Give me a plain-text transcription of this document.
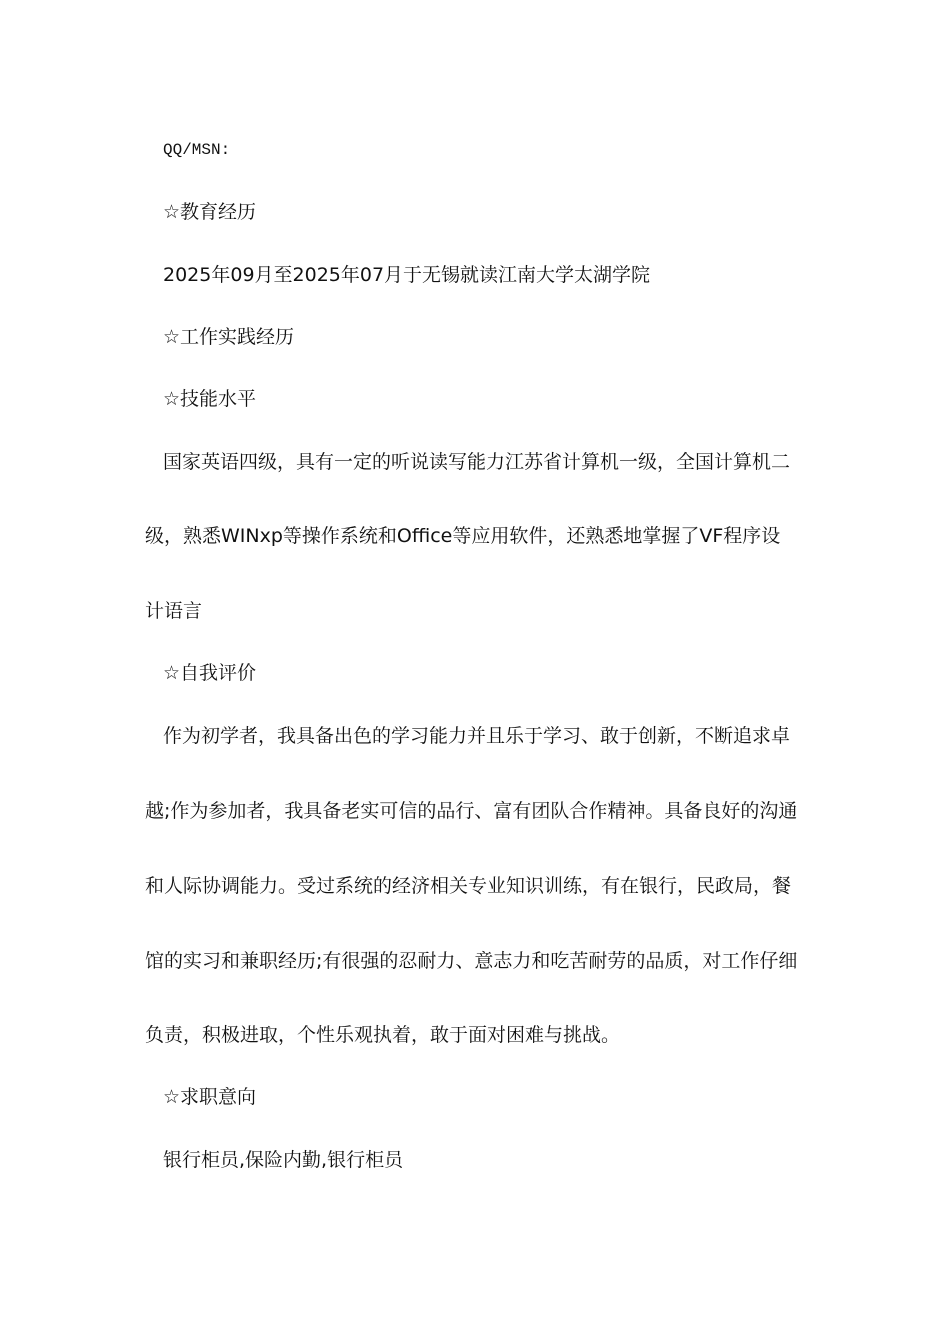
QQ/MSN:
☆教育经历
2025年09月至2025年07月于无锡就读江南大学太湖学院
☆工作实践经历
☆技能水平
国家英语四级，具有一定的听说读写能力江苏省计算机一级，全国计算机二
级，熟悉WINxp等操作系统和Office等应用软件，还熟悉地掌握了VF程序设
计语言
☆自我评价
作为初学者，我具备出色的学习能力并且乐于学习、敢于创新，不断追求卓
越;作为参加者，我具备老实可信的品行、富有团队合作精神。具备良好的沟通
和人际协调能力。受过系统的经济相关专业知识训练，有在银行，民政局，餐
馆的实习和兼职经历;有很强的忍耐力、意志力和吃苦耐劳的品质，对工作仔细
负责，积极进取，个性乐观执着，敢于面对困难与挑战。
☆求职意向
银行柜员,保险内勤,银行柜员
